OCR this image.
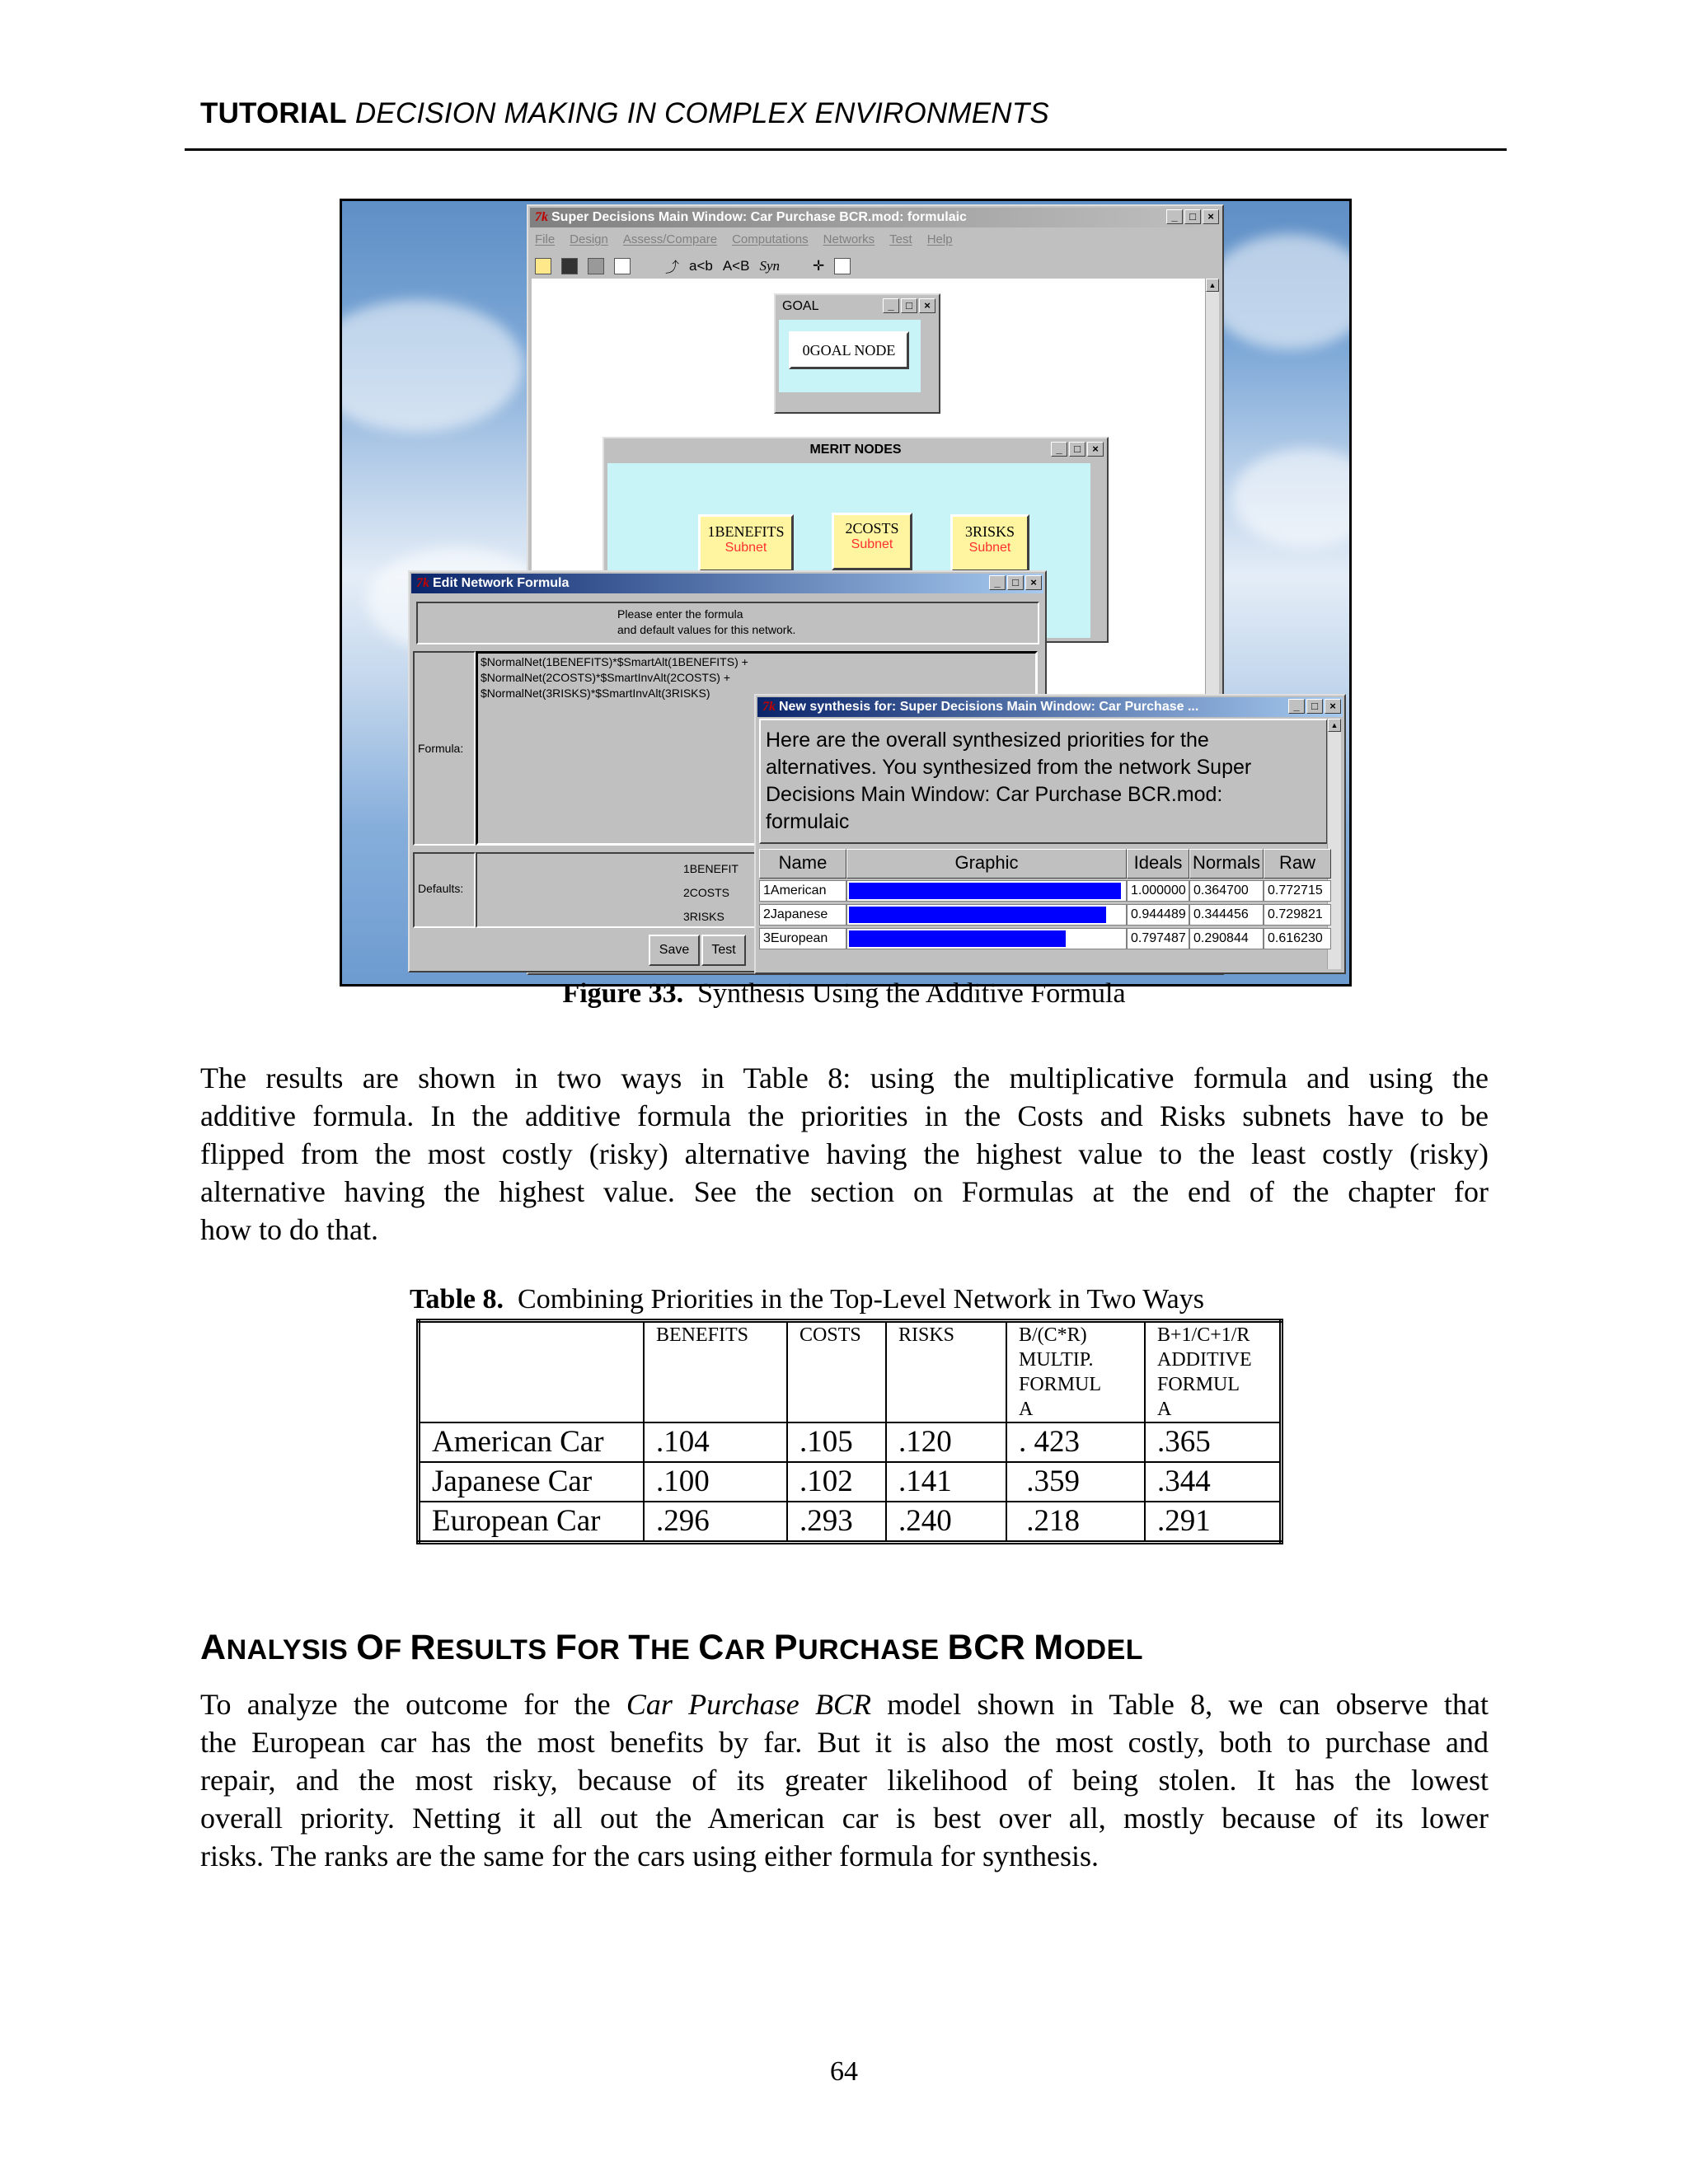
TUTORIAL DECISION MAKING IN COMPLEX ENVIRONMENTS
7k Super Decisions Main Window: Car Purchase BCR.mod: formulaic	_	□	×
File Design Assess/Compare Computations Networks Test Help
⤴ a<b A<B Syn ✛
▲
GOAL	_	□	×
0GOAL NODE
MERIT NODES	_	□	×
1BENEFITS
Subnet
2COSTS
Subnet
3RISKS
Subnet
7k Edit Network Formula	_	□	×
Please enter the formula
and default values for this network.
Formula:
$NormalNet(1BENEFITS)*$SmartAlt(1BENEFITS) +
$NormalNet(2COSTS)*$SmartInvAlt(2COSTS) +
$NormalNet(3RISKS)*$SmartInvAlt(3RISKS)
Defaults:
1BENEFIT
2COSTS
3RISKS
Save	Test
7k New synthesis for: Super Decisions Main Window: Car Purchase ...	_	□	×
Here are the overall synthesized priorities for the
alternatives. You synthesized from the network Super
Decisions Main Window: Car Purchase BCR.mod:
formulaic
▲
Name	Graphic	Ideals Normals	Raw
1American	1.000000 0.364700	0.772715
2Japanese	0.944489 0.344456	0.729821
3European	0.797487 0.290844	0.616230
Figure 33.  Synthesis Using the Additive Formula
The results are shown in two ways in Table 8: using the multiplicative formula and using the
additive formula. In the additive formula the priorities in the Costs and Risks subnets have to be
flipped from the most costly (risky) alternative having the highest value to the least costly (risky)
alternative having the highest value. See the section on Formulas at the end of the chapter for
how to do that.
Table 8.  Combining Priorities in the Top-Level Network in Two Ways
	BENEFITS	COSTS	RISKS	B/(C*R)
MULTIP.
FORMUL
A	B+1/C+1/R
ADDITIVE
FORMUL
A
American Car	.104	.105	.120	. 423	.365
Japanese Car	.100	.102	.141	.359	.344
European Car	.296	.293	.240	.218	.291
ANALYSIS OF RESULTS FOR THE CAR PURCHASE BCR MODEL
To analyze the outcome for the Car Purchase BCR model shown in Table 8, we can observe that
the European car has the most benefits by far. But it is also the most costly, both to purchase and
repair, and the most risky, because of its greater likelihood of being stolen. It has the lowest
overall priority. Netting it all out the American car is best over all, mostly because of its lower
risks. The ranks are the same for the cars using either formula for synthesis.
64
